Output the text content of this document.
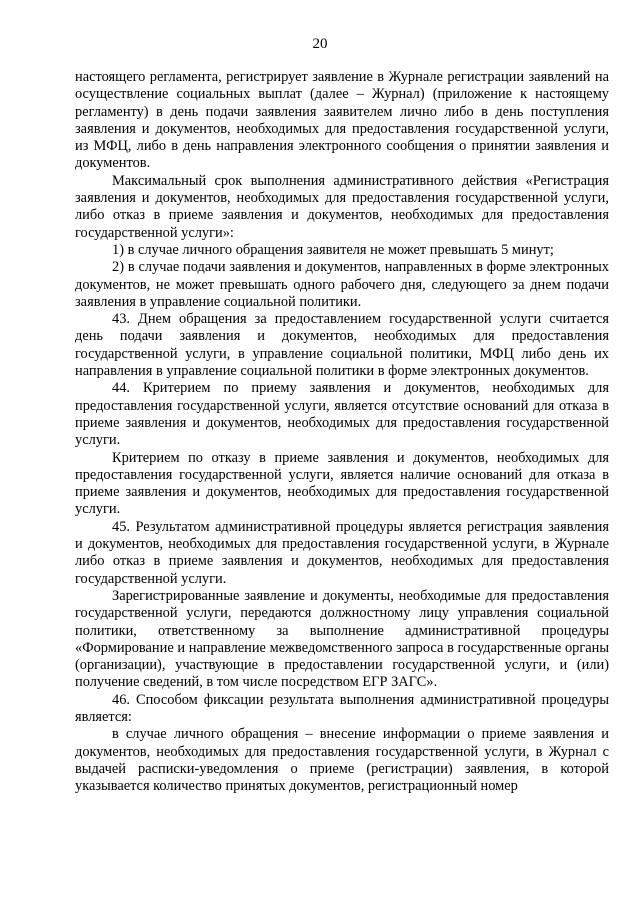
20

настоящего регламента, регистрирует заявление в Журнале регистрации заявлений на осуществление социальных выплат (далее – Журнал) (приложение к настоящему регламенту) в день подачи заявления заявителем лично либо в день поступления заявления и документов, необходимых для предоставления государственной услуги, из МФЦ, либо в день направления электронного сообщения о принятии заявления и документов.

Максимальный срок выполнения административного действия «Регистрация заявления и документов, необходимых для предоставления государственной услуги, либо отказ в приеме заявления и документов, необходимых для предоставления государственной услуги»:

1) в случае личного обращения заявителя не может превышать 5 минут;

2) в случае подачи заявления и документов, направленных в форме электронных документов, не может превышать одного рабочего дня, следующего за днем подачи заявления в управление социальной политики.

43. Днем обращения за предоставлением государственной услуги считается день подачи заявления и документов, необходимых для предоставления государственной услуги, в управление социальной политики, МФЦ либо день их направления в управление социальной политики в форме электронных документов.

44. Критерием по приему заявления и документов, необходимых для предоставления государственной услуги, является отсутствие оснований для отказа в приеме заявления и документов, необходимых для предоставления государственной услуги.

Критерием по отказу в приеме заявления и документов, необходимых для предоставления государственной услуги, является наличие оснований для отказа в приеме заявления и документов, необходимых для предоставления государственной услуги.

45. Результатом административной процедуры является регистрация заявления и документов, необходимых для предоставления государственной услуги, в Журнале либо отказ в приеме заявления и документов, необходимых для предоставления государственной услуги.

Зарегистрированные заявление и документы, необходимые для предоставления государственной услуги, передаются должностному лицу управления социальной политики, ответственному за выполнение административной процедуры «Формирование и направление межведомственного запроса в государственные органы (организации), участвующие в предоставлении государственной услуги, и (или) получение сведений, в том числе посредством ЕГР ЗАГС».

46. Способом фиксации результата выполнения административной процедуры является:

в случае личного обращения – внесение информации о приеме заявления и документов, необходимых для предоставления государственной услуги, в Журнал с выдачей расписки-уведомления о приеме (регистрации) заявления, в которой указывается количество принятых документов, регистрационный номер
